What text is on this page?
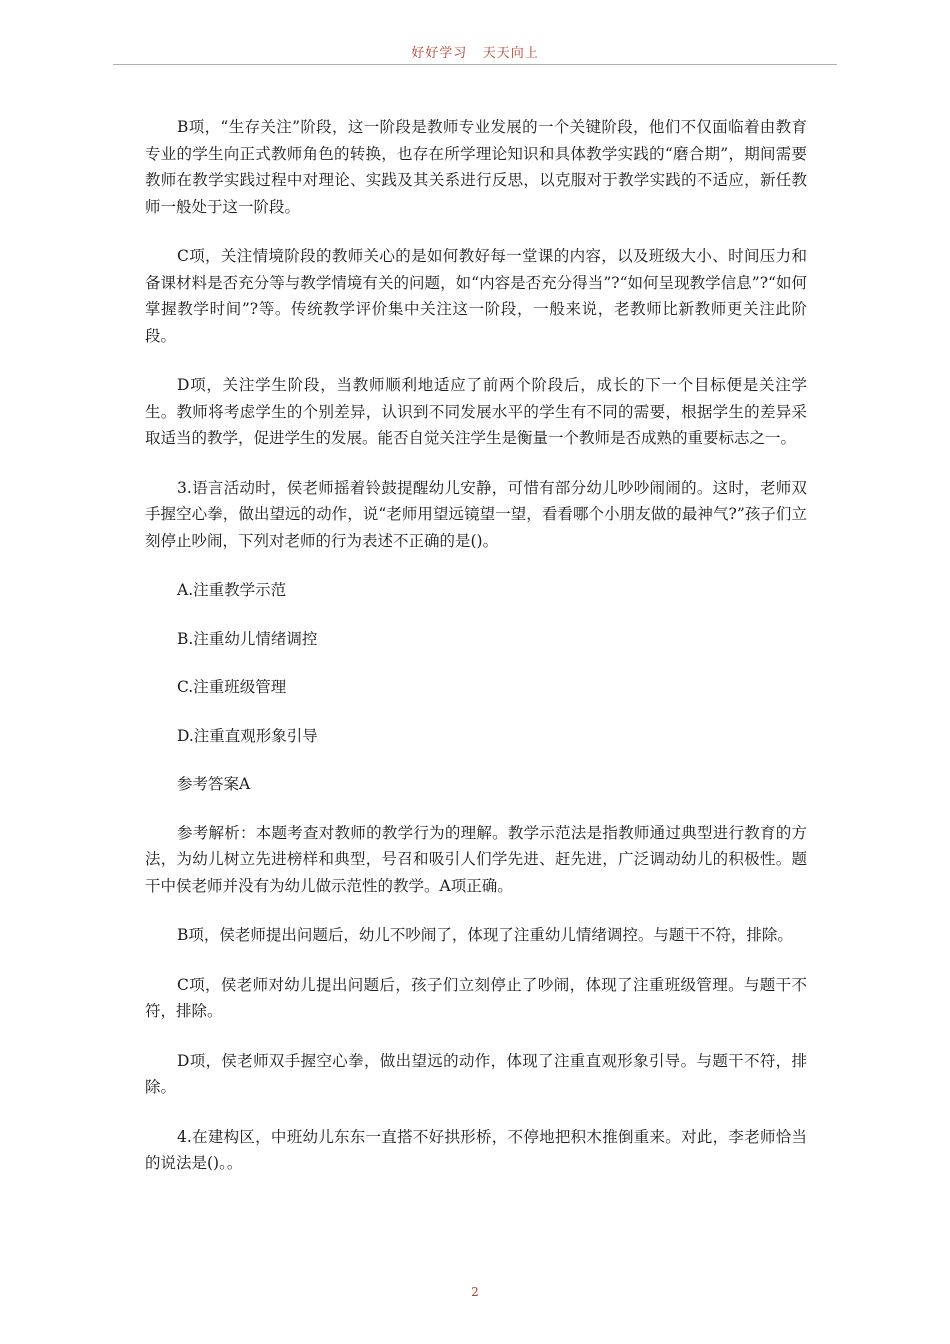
好好学习   天天向上

B项，“生存关注”阶段，这一阶段是教师专业发展的一个关键阶段，他们不仅面临着由教育专业的学生向正式教师角色的转换，也存在所学理论知识和具体教学实践的“磨合期”，期间需要教师在教学实践过程中对理论、实践及其关系进行反思，以克服对于教学实践的不适应，新任教师一般处于这一阶段。

C项，关注情境阶段的教师关心的是如何教好每一堂课的内容，以及班级大小、时间压力和备课材料是否充分等与教学情境有关的问题，如“内容是否充分得当”?“如何呈现教学信息”?“如何掌握教学时间”?等。传统教学评价集中关注这一阶段，一般来说，老教师比新教师更关注此阶段。

D项，关注学生阶段，当教师顺利地适应了前两个阶段后，成长的下一个目标便是关注学生。教师将考虑学生的个别差异，认识到不同发展水平的学生有不同的需要，根据学生的差异采取适当的教学，促进学生的发展。能否自觉关注学生是衡量一个教师是否成熟的重要标志之一。

3.语言活动时，侯老师摇着铃鼓提醒幼儿安静，可惜有部分幼儿吵吵闹闹的。这时，老师双手握空心拳，做出望远的动作，说“老师用望远镜望一望，看看哪个小朋友做的最神气?”孩子们立刻停止吵闹，下列对老师的行为表述不正确的是()。

A.注重教学示范

B.注重幼儿情绪调控

C.注重班级管理

D.注重直观形象引导

参考答案A

参考解析：本题考查对教师的教学行为的理解。教学示范法是指教师通过典型进行教育的方法，为幼儿树立先进榜样和典型，号召和吸引人们学先进、赶先进，广泛调动幼儿的积极性。题干中侯老师并没有为幼儿做示范性的教学。A项正确。

B项，侯老师提出问题后，幼儿不吵闹了，体现了注重幼儿情绪调控。与题干不符，排除。

C项，侯老师对幼儿提出问题后，孩子们立刻停止了吵闹，体现了注重班级管理。与题干不符，排除。

D项，侯老师双手握空心拳，做出望远的动作，体现了注重直观形象引导。与题干不符，排除。

4.在建构区，中班幼儿东东一直搭不好拱形桥，不停地把积木推倒重来。对此，李老师恰当的说法是()。。

2
